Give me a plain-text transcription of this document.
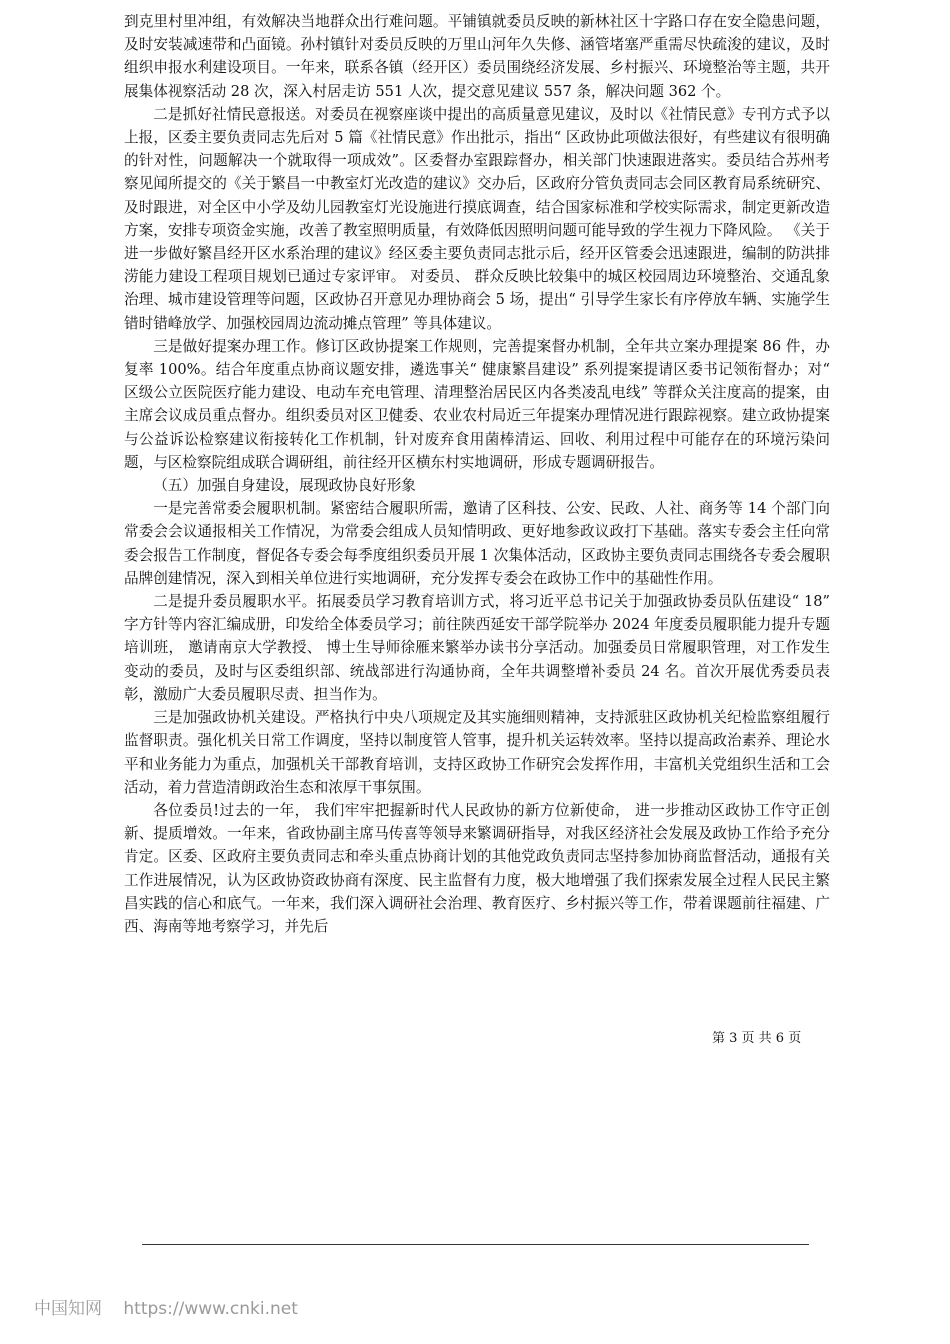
到克里村里冲组，有效解决当地群众出行难问题。平铺镇就委员反映的新林社区十字路口存在安全隐患问题，及时安装减速带和凸面镜。孙村镇针对委员反映的万里山河年久失修、涵管堵塞严重需尽快疏浚的建议，及时组织申报水利建设项目。一年来，联系各镇（经开区）委员围绕经济发展、乡村振兴、环境整治等主题，共开展集体视察活动 28 次，深入村居走访 551 人次，提交意见建议 557 条，解决问题 362 个。

二是抓好社情民意报送。对委员在视察座谈中提出的高质量意见建议，及时以《社情民意》专刊方式予以上报，区委主要负责同志先后对 5 篇《社情民意》作出批示，指出“ 区政协此项做法很好，有些建议有很明确的针对性，问题解决一个就取得一项成效”。区委督办室跟踪督办，相关部门快速跟进落实。委员结合苏州考察见闻所提交的《关于繁昌一中教室灯光改造的建议》交办后，区政府分管负责同志会同区教育局系统研究、及时跟进，对全区中小学及幼儿园教室灯光设施进行摸底调查，结合国家标准和学校实际需求，制定更新改造方案，安排专项资金实施，改善了教室照明质量，有效降低因照明问题可能导致的学生视力下降风险。 《关于进一步做好繁昌经开区水系治理的建议》经区委主要负责同志批示后，经开区管委会迅速跟进，编制的防洪排涝能力建设工程项目规划已通过专家评审。 对委员、 群众反映比较集中的城区校园周边环境整治、交通乱象治理、城市建设管理等问题，区政协召开意见办理协商会 5 场，提出“ 引导学生家长有序停放车辆、实施学生错时错峰放学、加强校园周边流动摊点管理” 等具体建议。

三是做好提案办理工作。修订区政协提案工作规则，完善提案督办机制，全年共立案办理提案 86 件，办复率 100%。结合年度重点协商议题安排，遴选事关“ 健康繁昌建设” 系列提案提请区委书记领衔督办；对“ 区级公立医院医疗能力建设、电动车充电管理、清理整治居民区内各类凌乱电线” 等群众关注度高的提案，由主席会议成员重点督办。组织委员对区卫健委、农业农村局近三年提案办理情况进行跟踪视察。建立政协提案与公益诉讼检察建议衔接转化工作机制，针对废弃食用菌棒清运、回收、利用过程中可能存在的环境污染问题，与区检察院组成联合调研组，前往经开区横东村实地调研，形成专题调研报告。

（五）加强自身建设，展现政协良好形象

一是完善常委会履职机制。紧密结合履职所需，邀请了区科技、公安、民政、人社、商务等 14 个部门向常委会会议通报相关工作情况，为常委会组成人员知情明政、更好地参政议政打下基础。落实专委会主任向常委会报告工作制度，督促各专委会每季度组织委员开展 1 次集体活动，区政协主要负责同志围绕各专委会履职品牌创建情况，深入到相关单位进行实地调研，充分发挥专委会在政协工作中的基础性作用。

二是提升委员履职水平。拓展委员学习教育培训方式，将习近平总书记关于加强政协委员队伍建设“ 18” 字方针等内容汇编成册，印发给全体委员学习；前往陕西延安干部学院举办 2024 年度委员履职能力提升专题培训班， 邀请南京大学教授、 博士生导师徐雁来繁举办读书分享活动。加强委员日常履职管理，对工作发生变动的委员，及时与区委组织部、统战部进行沟通协商，全年共调整增补委员 24 名。首次开展优秀委员表彰，激励广大委员履职尽责、担当作为。

三是加强政协机关建设。严格执行中央八项规定及其实施细则精神，支持派驻区政协机关纪检监察组履行监督职责。强化机关日常工作调度，坚持以制度管人管事，提升机关运转效率。坚持以提高政治素养、理论水平和业务能力为重点，加强机关干部教育培训，支持区政协工作研究会发挥作用，丰富机关党组织生活和工会活动，着力营造清朗政治生态和浓厚干事氛围。

各位委员!过去的一年， 我们牢牢把握新时代人民政协的新方位新使命， 进一步推动区政协工作守正创新、提质增效。一年来，省政协副主席马传喜等领导来繁调研指导，对我区经济社会发展及政协工作给予充分肯定。区委、区政府主要负责同志和牵头重点协商计划的其他党政负责同志坚持参加协商监督活动，通报有关工作进展情况，认为区政协资政协商有深度、民主监督有力度，极大地增强了我们探索发展全过程人民民主繁昌实践的信心和底气。一年来，我们深入调研社会治理、教育医疗、乡村振兴等工作，带着课题前往福建、广西、海南等地考察学习，并先后

第 3 页 共 6 页
中国知网 https://www.cnki.net
